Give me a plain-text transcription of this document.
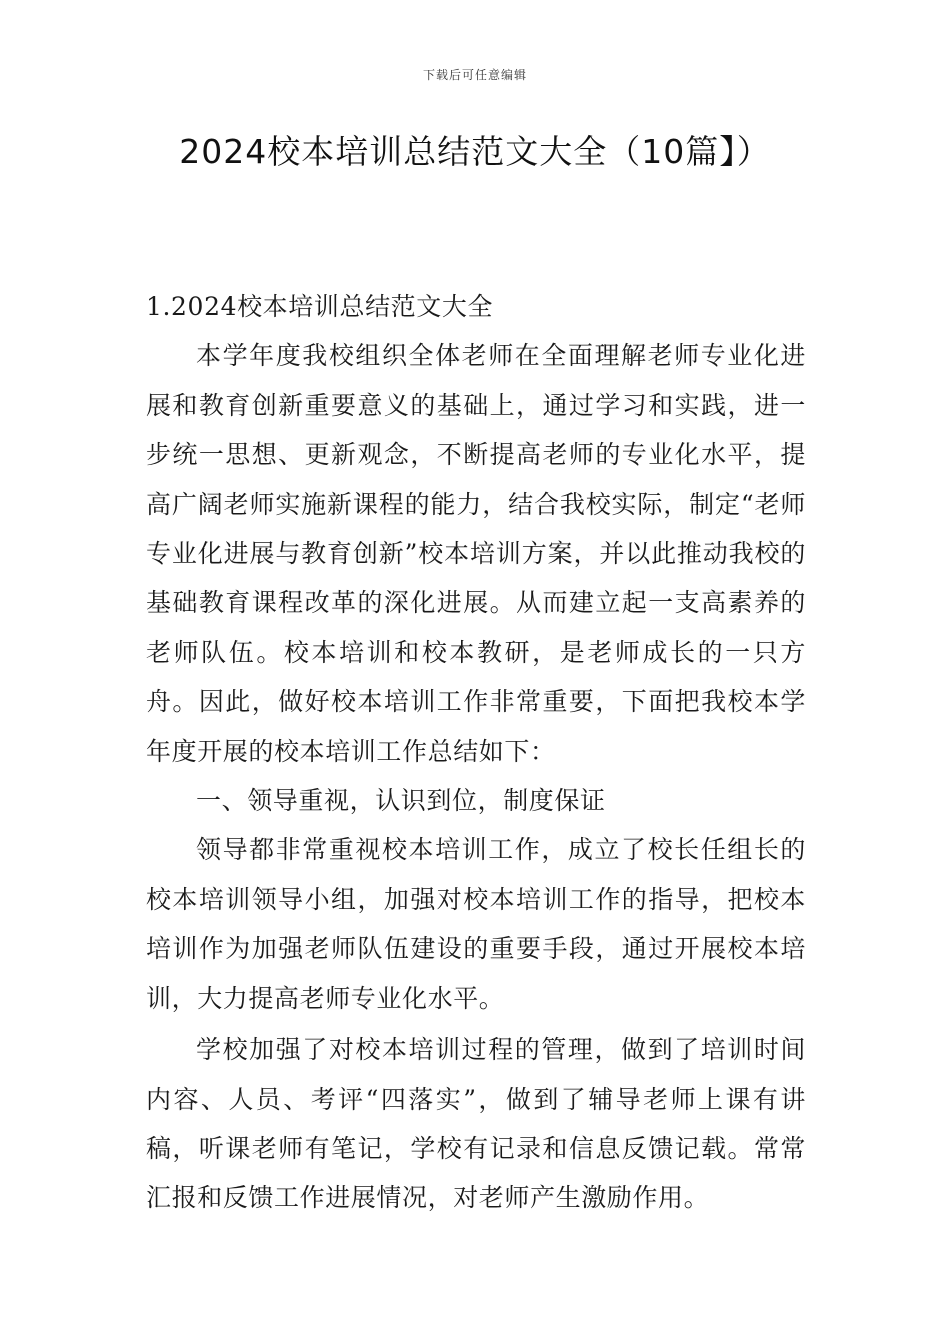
下载后可任意编辑
2024校本培训总结范文大全（10篇】）

1.2024校本培训总结范文大全

本学年度我校组织全体老师在全面理解老师专业化进展和教育创新重要意义的基础上，通过学习和实践，进一步统一思想、更新观念，不断提高老师的专业化水平，提高广阔老师实施新课程的能力，结合我校实际，制定“老师专业化进展与教育创新”校本培训方案，并以此推动我校的基础教育课程改革的深化进展。从而建立起一支高素养的老师队伍。校本培训和校本教研，是老师成长的一只方舟。因此，做好校本培训工作非常重要，下面把我校本学年度开展的校本培训工作总结如下：

一、领导重视，认识到位，制度保证

领导都非常重视校本培训工作，成立了校长任组长的校本培训领导小组，加强对校本培训工作的指导，把校本培训作为加强老师队伍建设的重要手段，通过开展校本培训，大力提高老师专业化水平。

学校加强了对校本培训过程的管理，做到了培训时间内容、人员、考评“四落实”，做到了辅导老师上课有讲稿，听课老师有笔记，学校有记录和信息反馈记载。常常汇报和反馈工作进展情况，对老师产生激励作用。
